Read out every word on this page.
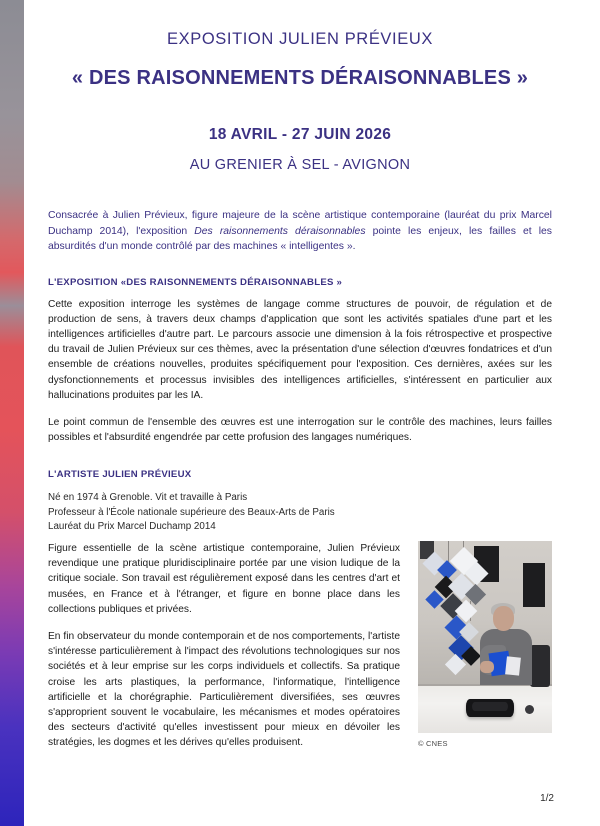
EXPOSITION JULIEN PRÉVIEUX

« DES RAISONNEMENTS DÉRAISONNABLES »

18 AVRIL - 27 JUIN 2026

AU GRENIER À SEL - AVIGNON

Consacrée à Julien Prévieux, figure majeure de la scène artistique contemporaine (lauréat du prix Marcel Duchamp 2014), l'exposition Des raisonnements déraisonnables pointe les enjeux, les failles et les absurdités d'un monde contrôlé par des machines « intelligentes ».

L'EXPOSITION «DES RAISONNEMENTS DÉRAISONNABLES »

Cette exposition interroge les systèmes de langage comme structures de pouvoir, de régulation et de production de sens, à travers deux champs d'application que sont les activités spatiales d'une part et les intelligences artificielles d'autre part. Le parcours associe une dimension à la fois rétrospective et prospective du travail de Julien Prévieux sur ces thèmes, avec la présentation d'une sélection d'œuvres fondatrices et d'un ensemble de créations nouvelles, produites spécifiquement pour l'exposition. Ces dernières, axées sur les dysfonctionnements et processus invisibles des intelligences artificielles, s'intéressent en particulier aux hallucinations produites par les IA.

Le point commun de l'ensemble des œuvres est une interrogation sur le contrôle des machines, leurs failles possibles et l'absurdité engendrée par cette profusion des langages numériques.

L'ARTISTE JULIEN PRÉVIEUX

Né en 1974 à Grenoble. Vit et travaille à Paris

Professeur à l'École nationale supérieure des Beaux-Arts de Paris

Lauréat du Prix Marcel Duchamp 2014

Figure essentielle de la scène artistique contemporaine, Julien Prévieux revendique une pratique pluridisciplinaire portée par une vision ludique de la critique sociale. Son travail est régulièrement exposé dans les centres d'art et musées, en France et à l'étranger, et figure en bonne place dans les collections publiques et privées.

En fin observateur du monde contemporain et de nos comportements, l'artiste s'intéresse particulièrement à l'impact des révolutions technologiques sur nos sociétés et à leur emprise sur les corps individuels et collectifs. Sa pratique croise les arts plastiques, la performance, l'informatique, l'intelligence artificielle et la chorégraphie. Particulièrement diversifiées, ses œuvres s'approprient souvent le vocabulaire, les mécanismes et modes opératoires des secteurs d'activité qu'elles investissent pour mieux en dévoiler les stratégies, les dogmes et les dérives qu'elles produisent.	© CNES
1/2
